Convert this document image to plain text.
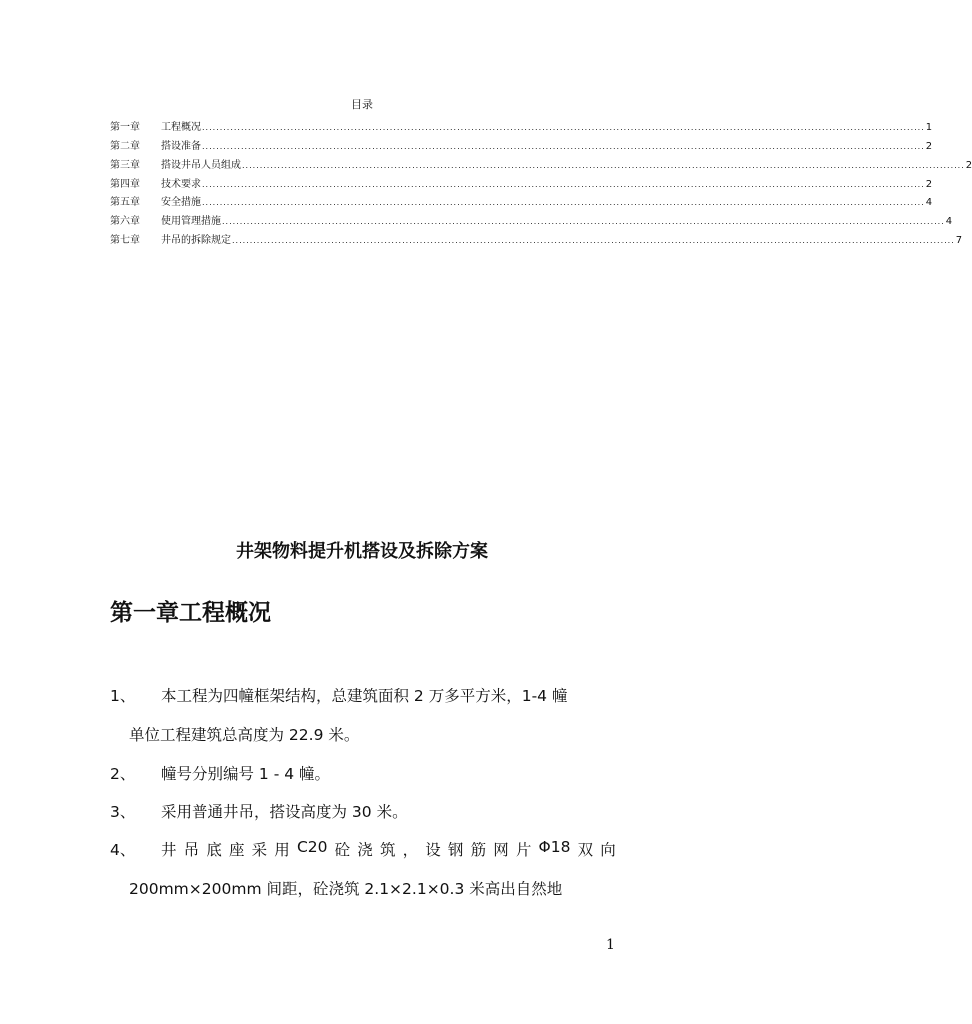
目录
第一章	工程概况 ............................................................................................................................................................................................................ 1
第二章	搭设准备 ............................................................................................................................................................................................................ 2
第三章	搭设井吊人员组成 ............................................................................................................................................................................................................ 2
第四章	技术要求 ............................................................................................................................................................................................................ 2
第五章	安全措施 ............................................................................................................................................................................................................ 4
第六章	使用管理措施 ............................................................................................................................................................................................................ 4
第七章	井吊的拆除规定 ............................................................................................................................................................................................................ 7
井架物料提升机搭设及拆除方案
第一章工程概况
1、 本工程为四幢框架结构，总建筑面积 2 万多平方米，1-4 幢
单位工程建筑总高度为 22.9 米。
2、 幢号分别编号 1 - 4 幢。
3、 采用普通井吊，搭设高度为 30 米。
4、 井 吊 底 座 采 用 C20 砼 浇 筑 ， 设 钢 筋 网 片 Φ18 双 向
200mm×200mm 间距，砼浇筑 2.1×2.1×0.3 米高出自然地
1
